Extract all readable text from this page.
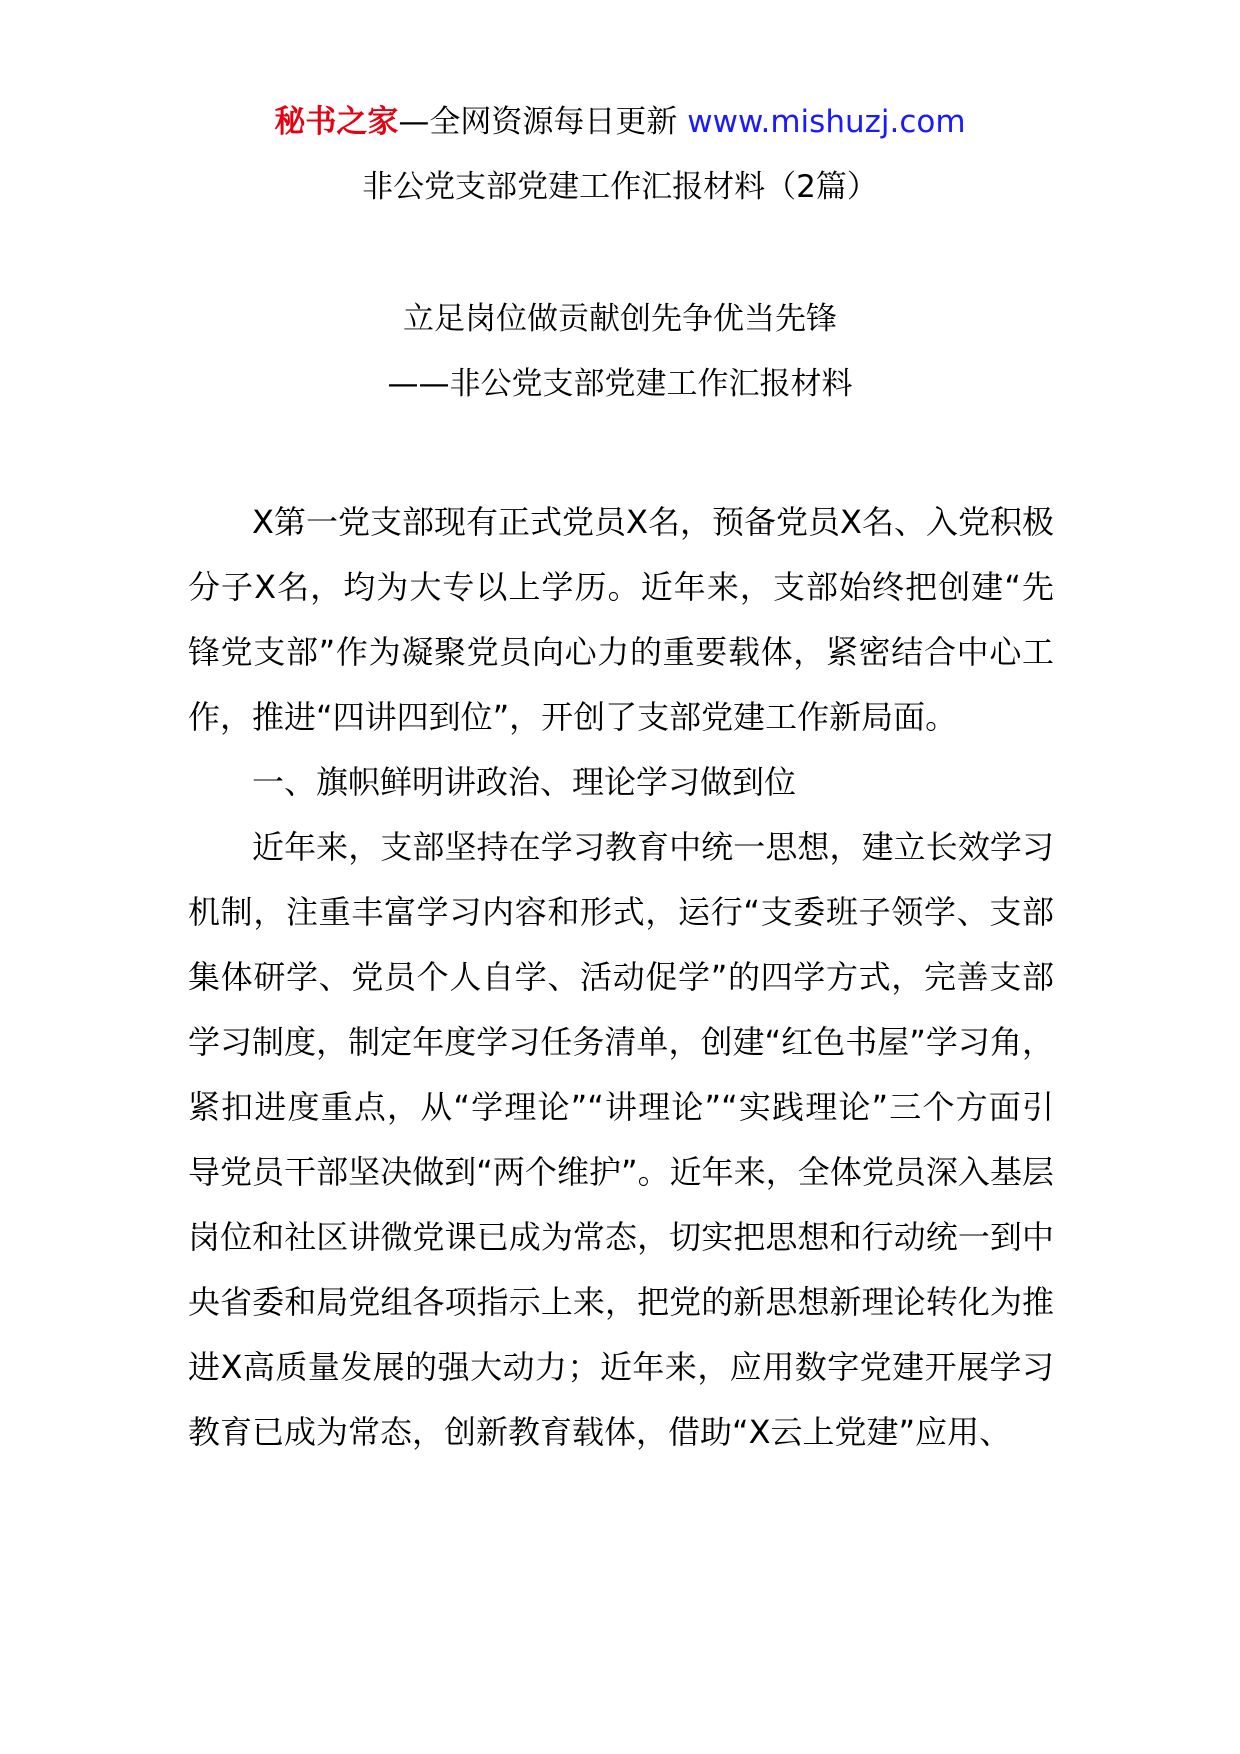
秘书之家—全网资源每日更新 www.mishuzj.com
非公党支部党建工作汇报材料（2篇）
立足岗位做贡献创先争优当先锋
——非公党支部党建工作汇报材料

X第一党支部现有正式党员X名，预备党员X名、入党积极分子X名，均为大专以上学历。近年来，支部始终把创建“先锋党支部”作为凝聚党员向心力的重要载体，紧密结合中心工作，推进“四讲四到位”，开创了支部党建工作新局面。

一、旗帜鲜明讲政治、理论学习做到位

近年来，支部坚持在学习教育中统一思想，建立长效学习机制，注重丰富学习内容和形式，运行“支委班子领学、支部集体研学、党员个人自学、活动促学”的四学方式，完善支部学习制度，制定年度学习任务清单，创建“红色书屋”学习角，紧扣进度重点，从“学理论”“讲理论”“实践理论”三个方面引导党员干部坚决做到“两个维护”。近年来，全体党员深入基层岗位和社区讲微党课已成为常态，切实把思想和行动统一到中央省委和局党组各项指示上来，把党的新思想新理论转化为推进X高质量发展的强大动力；近年来，应用数字党建开展学习教育已成为常态，创新教育载体，借助“X云上党建”应用、
